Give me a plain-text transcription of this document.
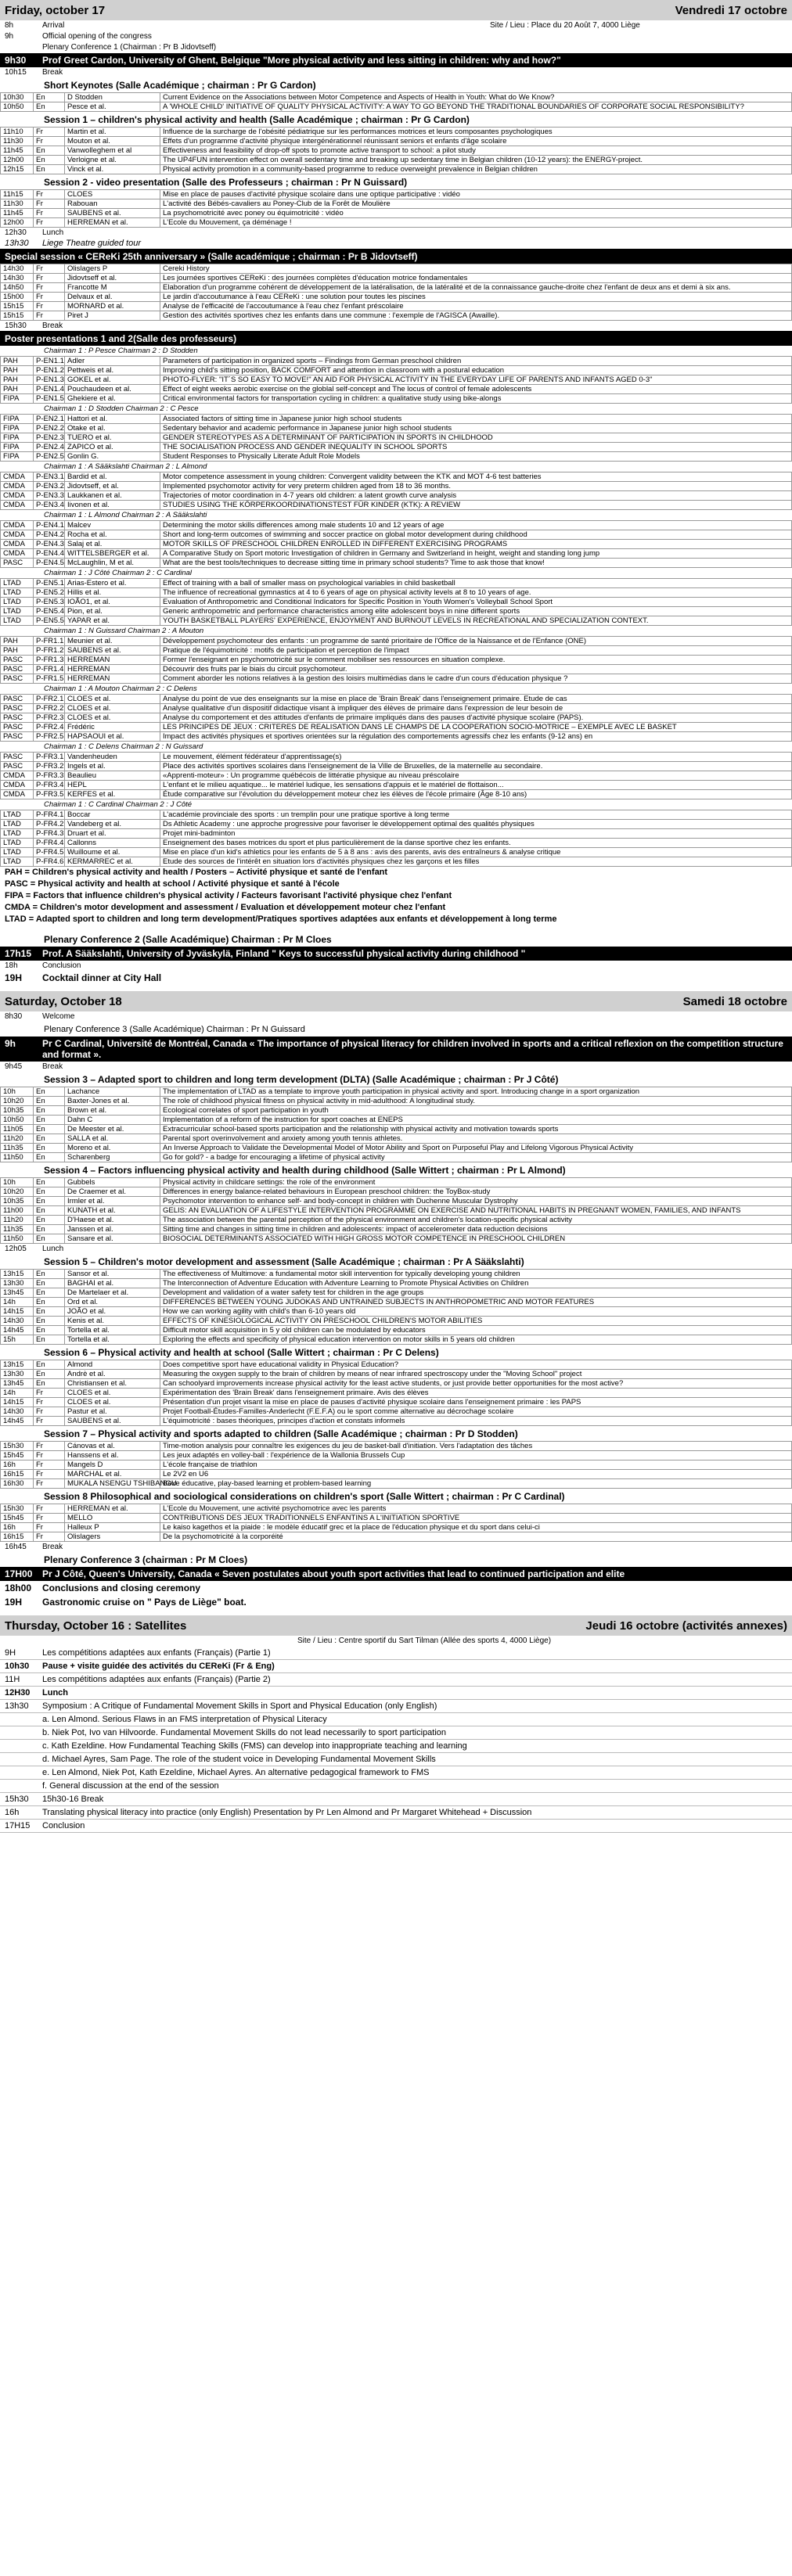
Friday, october 17	Vendredi 17 octobre
8h	Arrival	Site / Lieu : Place du 20 Août 7, 4000 Liège
9h	Official opening of the congress
Plenary Conference 1 (Chairman : Pr B Jidovtseff)
9h30	Prof Greet Cardon, University of Ghent, Belgique "More physical activity and less sitting in children: why and how?"
10h15	Break
Short Keynotes (Salle Académique ; chairman : Pr G Cardon)
10h30	En	D Stodden	Current Evidence on the Associations between Motor Competence and Aspects of Health in Youth: What do We Know?
10h50	En	Pesce et al.	A 'WHOLE CHILD' INITIATIVE OF QUALITY PHYSICAL ACTIVITY: A WAY TO GO BEYOND THE TRADITIONAL BOUNDARIES OF CORPORATE SOCIAL RESPONSIBILITY?
Session 1 – children's physical activity and health (Salle Académique ; chairman : Pr G Cardon)
11h10	Fr	Martin et al.	Influence de la surcharge de l'obésité pédiatrique sur les performances motrices et leurs composantes psychologiques
11h30	Fr	Mouton et al.	Effets d'un programme d'activité physique intergénérationnel réunissant seniors et enfants d'âge scolaire
11h45	En	Vanwolleghem et al	Effectiveness and feasibility of drop-off spots to promote active transport to school: a pilot study
12h00	En	Verloigne et al.	The UP4FUN intervention effect on overall sedentary time and breaking up sedentary time in Belgian children (10-12 years): the ENERGY-project.
12h15	En	Vinck et al.	Physical activity promotion in a community-based programme to reduce overweight prevalence in Belgian children
Session 2 - video presentation (Salle des Professeurs ; chairman : Pr N Guissard)
11h15	Fr	CLOES	Mise en place de pauses d'activité physique scolaire dans une optique participative : vidéo
11h30	Fr	Rabouan	L'activité des Bébés-cavaliers au Poney-Club de la Forêt de Moulière
11h45	Fr	SAUBENS et al.	La psychomotricité avec poney ou équimotricité : vidéo
12h00	Fr	HERREMAN et al.	L'Ecole du Mouvement, ça déménage !
12h30	Lunch
13h30	Liege Theatre guided tour
Special session « CEReKi 25th anniversary » (Salle académique ; chairman : Pr B Jidovtseff)
14h30	Fr	Olislagers P	Cereki History
14h30	Fr	Jidovtseff et al.	Les journées sportives CEReKi : des journées complètes d'éducation motrice fondamentales
14h50	Fr	Francotte M	Elaboration d'un programme cohérent de développement de la latéralisation, de la latéralité et de la connaissance gauche-droite chez l'enfant de deux ans et demi à six ans.
15h00	Fr	Delvaux et al.	Le jardin d'accoutumance à l'eau CEReKi : une solution pour toutes les piscines
15h15	Fr	MORNARD et al.	Analyse de l'efficacité de l'accoutumance à l'eau chez l'enfant préscolaire
15h15	Fr	Piret J	Gestion des activités sportives chez les enfants dans une commune : l'exemple de l'AGISCA (Awaille).
15h30	Break
Poster presentations 1 and 2(Salle des professeurs)
Chairman 1 : P Pesce Chairman 2 : D Stodden
PAH	P-EN1.1	Adler	Parameters of participation in organized sports – Findings from German preschool children
PAH	P-EN1.2	Pettweis et al.	Improving child's sitting position, BACK COMFORT and attention in classroom with a postural education
PAH	P-EN1.3	GOKEL et al.	PHOTO-FLYER: "IT´S SO EASY TO MOVE!" AN AID FOR PHYSICAL ACTIVITY IN THE EVERYDAY LIFE OF PARENTS AND INFANTS AGED 0-3"
PAH	P-EN1.4	Pouchaudeen et al.	Effect of eight weeks aerobic exercise on the globlal self-concept and The locus of control of female adolescents
FIPA	P-EN1.5	Ghekiere et al.	Critical environmental factors for transportation cycling in children: a qualitative study using bike-alongs
Chairman 1 : D Stodden Chairman 2 : C Pesce
FIPA	P-EN2.1	Hattori et al.	Associated factors of sitting time in Japanese junior high school students
FIPA	P-EN2.2	Otake et al.	Sedentary behavior and academic performance in Japanese junior high school students
FIPA	P-EN2.3	TUERO et al.	GENDER STEREOTYPES AS A DETERMINANT OF PARTICIPATION IN SPORTS IN CHILDHOOD
FIPA	P-EN2.4	ZAPICO et al.	THE SOCIALISATION PROCESS AND GENDER INEQUALITY IN SCHOOL SPORTS
FIPA	P-EN2.5	Gonlin G.	Student Responses to Physically Literate Adult Role Models
Chairman 1 : A Sääkslahti Chairman 2 : L Almond
CMDA	P-EN3.1	Bardid et al.	Motor competence assessment in young children: Convergent validity between the KTK and MOT 4-6 test batteries
CMDA	P-EN3.2	Jidovtseff, et al.	Implemented psychomotor activity for very preterm children aged from 18 to 36 months.
CMDA	P-EN3.3	Laukkanen et al.	Trajectories of motor coordination in 4-7 years old children: a latent growth curve analysis
CMDA	P-EN3.4	Iivonen et al.	STUDIES USING THE KÖRPERKOORDINATIONSTEST FÜR KINDER (KTK): A REVIEW
Chairman 1 : L Almond Chairman 2 : A Sääkslahti
CMDA	P-EN4.1	Malcev	Determining the motor skills differences among male students 10 and 12 years of age
CMDA	P-EN4.2	Rocha et al.	Short and long-term outcomes of swimming and soccer practice on global motor development during childhood
CMDA	P-EN4.3	Salaj et al.	MOTOR SKILLS OF PRESCHOOL CHILDREN ENROLLED IN DIFFERENT EXERCISING PROGRAMS
CMDA	P-EN4.4	WITTELSBERGER et al.	A Comparative Study on Sport motoric Investigation of children in Germany and Switzerland in height, weight and standing long jump
PASC	P-EN4.5	McLaughlin, M et al.	What are the best tools/techniques to decrease sitting time in primary school students? Time to ask those that know!
Chairman 1 : J Côté Chairman 2 : C Cardinal
LTAD	P-EN5.1	Arias-Estero et al.	Effect of training with a ball of smaller mass on psychological variables in child basketball
LTAD	P-EN5.2	Hillis et al.	The influence of recreational gymnastics at 4 to 6 years of age on physical activity levels at 8 to 10 years of age.
LTAD	P-EN5.3	IOÃO1, et al.	Evaluation of Anthropometric and Conditional Indicators for Specific Position in Youth Women's Volleyball School Sport
LTAD	P-EN5.4	Pion, et al.	Generic anthropometric and performance characteristics among elite adolescent boys in nine different sports
LTAD	P-EN5.5	YAPAR et al.	YOUTH BASKETBALL PLAYERS' EXPERIENCE, ENJOYMENT AND BURNOUT LEVELS IN RECREATIONAL AND SPECIALIZATION CONTEXT.
Chairman 1 : N Guissard Chairman 2 : A Mouton
PAH	P-FR1.1	Meunier et al.	Développement psychomoteur des enfants : un programme de santé prioritaire de l'Office de la Naissance et de l'Enfance (ONE)
PAH	P-FR1.2	SAUBENS et al.	Pratique de l'équimotricité : motifs de participation et perception de l'impact
PASC	P-FR1.3	HERREMAN	Former l'enseignant en psychomotricité sur le comment mobiliser ses ressources en situation complexe.
PASC	P-FR1.4	HERREMAN	Découvrir des fruits par le biais du circuit psychomoteur.
PASC	P-FR1.5	HERREMAN	Comment aborder les notions relatives à la gestion des loisirs multimédias dans le cadre d'un cours d'éducation physique ?
Chairman 1 : A Mouton Chairman 2 : C Delens
PASC	P-FR2.1	CLOES et al.	Analyse du point de vue des enseignants sur la mise en place de 'Brain Break' dans l'enseignement primaire. Etude de cas
PASC	P-FR2.2	CLOES et al.	Analyse qualitative d'un dispositif didactique visant à impliquer des élèves de primaire dans l'expression de leur besoin de
PASC	P-FR2.3	CLOES et al.	Analyse du comportement et des attitudes d'enfants de primaire impliqués dans des pauses d'activité physique scolaire (PAPS).
PASC	P-FR2.4	Frédéric	LES PRINCIPES DE JEUX : CRITERES DE REALISATION DANS LE CHAMPS DE LA COOPERATION SOCIO-MOTRICE – EXEMPLE AVEC LE BASKET
PASC	P-FR2.5	HAPSAOUI et al.	Impact des activités physiques et sportives orientées sur la régulation des comportements agressifs chez les enfants (9-12 ans) en
Chairman 1 : C Delens Chairman 2 : N Guissard
PASC	P-FR3.1	Vandenheuden	Le mouvement, élément fédérateur d'apprentissage(s)
PASC	P-FR3.2	Ingels et al.	Place des activités sportives scolaires dans l'enseignement de la Ville de Bruxelles, de la maternelle au secondaire.
CMDA	P-FR3.3	Beaulieu	«Apprenti-moteur» : Un programme québécois de littératie physique au niveau préscolaire
CMDA	P-FR3.4	HEPL	L'enfant et le milieu aquatique... le matériel ludique, les sensations d'appuis et le matériel de flottaison...
CMDA	P-FR3.5	KERFES et al.	Étude comparative sur l'évolution du développement moteur chez les élèves de l'école primaire (Âge 8-10 ans)
Chairman 1 : C Cardinal Chairman 2 : J Côté
LTAD	P-FR4.1	Boccar	L'académie provinciale des sports : un tremplin pour une pratique sportive à long terme
LTAD	P-FR4.2	Vandeberg et al.	Ds Athletic Academy : une approche progressive pour favoriser le développement optimal des qualités physiques
LTAD	P-FR4.3	Druart et al.	Projet mini-badminton
LTAD	P-FR4.4	Callonns	Enseignement des bases motrices du sport et plus particulièrement de la danse sportive chez les enfants.
LTAD	P-FR4.5	Wuilloume et al.	Mise en place d'un kid's athletics pour les enfants de 5 à 8 ans : avis des parents, avis des entraîneurs & analyse critique
LTAD	P-FR4.6	KERMARREC et al.	Etude des sources de l'intérêt en situation lors d'activités physiques chez les garçons et les filles
PAH = Children's physical activity and health / Posters – Activité physique et santé de l'enfant
PASC = Physical activity and health at school / Activité physique et santé à l'école
FIPA = Factors that influence children's physical activity / Facteurs favorisant l'activité physique chez l'enfant
CMDA = Children's motor development and assessment / Evaluation et développement moteur chez l'enfant
LTAD = Adapted sport to children and long term development/Pratiques sportives adaptées aux enfants et développement à long terme
Plenary Conference 2 (Salle Académique) Chairman : Pr M Cloes
17h15	Prof. A Sääkslahti, University of Jyväskylä, Finland " Keys to successful physical activity during childhood "
18h	Conclusion
19H	Cocktail dinner at City Hall
Saturday, October 18	Samedi 18 octobre
8h30	Welcome
Plenary Conference 3 (Salle Académique) Chairman : Pr N Guissard
9h	Pr C Cardinal, Université de Montréal, Canada « The importance of physical literacy for children involved in sports and a critical reflexion on the competition structure and format ».
9h45	Break
Session 3 – Adapted sport to children and long term development (DLTA) (Salle Académique ; chairman : Pr J Côté)
10h	En	Lachance	The implementation of LTAD as a template to improve youth participation in physical activity and sport. Introducing change in a sport organization
10h20	En	Baxter-Jones et al.	The role of childhood physical fitness on physical activity in mid-adulthood: A longitudinal study.
10h35	En	Brown et al.	Ecological correlates of sport participation in youth
10h50	En	Dahn C	Implementation of a reform of the instruction for sport coaches at ENEPS
11h05	En	De Meester et al.	Extracurricular school-based sports participation and the relationship with physical activity and motivation towards sports
11h20	En	SALLA et al.	Parental sport overinvolvement and anxiety among youth tennis athletes.
11h35	En	Moreno et al.	An Inverse Approach to Validate the Developmental Model of Motor Ability and Sport on Purposeful Play and Lifelong Vigorous Physical Activity
11h50	En	Scharenberg	Go for gold? - a badge for encouraging a lifetime of physical activity
Session 4 – Factors influencing physical activity and health during childhood (Salle Wittert ; chairman : Pr L Almond)
10h	En	Gubbels	Physical activity in childcare settings: the role of the environment
10h20	En	De Craemer et al.	Differences in energy balance-related behaviours in European preschool children: the ToyBox-study
10h35	En	Irmler et al.	Psychomotor intervention to enhance self- and body-concept in children with Duchenne Muscular Dystrophy
11h00	En	KUNATH et al.	GELIS: AN EVALUATION OF A LIFESTYLE INTERVENTION PROGRAMME ON EXERCISE AND NUTRITIONAL HABITS IN PREGNANT WOMEN, FAMILIES, AND INFANTS
11h20	En	D'Haese et al.	The association between the parental perception of the physical environment and children's location-specific physical activity
11h35	En	Janssen et al.	Sitting time and changes in sitting time in children and adolescents: impact of accelerometer data reduction decisions
11h50	En	Sansare et al.	BIOSOCIAL DETERMINANTS ASSOCIATED WITH HIGH GROSS MOTOR COMPETENCE IN PRESCHOOL CHILDREN
12h05	Lunch
Session 5 – Children's motor development and assessment (Salle Académique ; chairman : Pr A Sääkslahti)
13h15	En	Sansor et al.	The effectiveness of Multimove: a fundamental motor skill intervention for typically developing young children
13h30	En	BAGHAI et al.	The Interconnection of Adventure Education with Adventure Learning to Promote Physical Activities on Children
13h45	En	De Martelaer et al.	Development and validation of a water safety test for children in the age groups
14h	En	Ord et al.	DIFFERENCES BETWEEN YOUNG JUDOKAS AND UNTRAINED SUBJECTS IN ANTHROPOMETRIC AND MOTOR FEATURES
14h15	En	JOÃO et al.	How we can working agility with child's than 6-10 years old
14h30	En	Kenis et al.	EFFECTS OF KINESIOLOGICAL ACTIVITY ON PRESCHOOL CHILDREN'S MOTOR ABILITIES
14h45	En	Tortella et al.	Difficult motor skill acquisition in 5 y old children can be modulated by educators
15h	En	Tortella et al.	Exploring the effects and specificity of physical education intervention on motor skills in 5 years old children
Session 6 – Physical activity and health at school (Salle Wittert ; chairman : Pr C Delens)
13h15	En	Almond	Does competitive sport have educational validity in Physical Education?
13h30	En	Andrè et al.	Measuring the oxygen supply to the brain of children by means of near infrared spectroscopy under the "Moving School" project
13h45	En	Christiansen et al.	Can schoolyard improvements increase physical activity for the least active students, or just provide better opportunities for the most active?
14h	Fr	CLOES et al.	Expérimentation des 'Brain Break' dans l'enseignement primaire. Avis des élèves
14h15	Fr	CLOES et al.	Présentation d'un projet visant la mise en place de pauses d'activité physique scolaire dans l'enseignement primaire : les PAPS
14h30	Fr	Pastur et al.	Projet Football-Études-Familles-Anderlecht (F.E.F.A) ou le sport comme alternative au décrochage scolaire
14h45	Fr	SAUBENS et al.	L'équimotricité : bases théoriques, principes d'action et constats informels
Session 7 – Physical activity and sports adapted to children (Salle Académique ; chairman : Pr D Stodden)
15h30	Fr	Cánovas et al.	Time-motion analysis pour connaître les exigences du jeu de basket-ball d'initiation. Vers l'adaptation des tâches
15h45	Fr	Hanssens et al.	Les jeux adaptés en volley-ball : l'expérience de la Wallonia Brussels Cup
16h	Fr	Mangels D	L'école française de triathlon
16h15	Fr	MARCHAL et al.	Le 2V2 en U6
16h30	Fr	MUKALA NSENGU TSHIBANGU	Boxe éducative, play-based learning et problem-based learning
Session 8 Philosophical and sociological considerations on children's sport (Salle Wittert ; chairman : Pr C Cardinal)
15h30	Fr	HERREMAN et al.	L'Ecole du Mouvement, une activité psychomotrice avec les parents
15h45	Fr	MELLO	CONTRIBUTIONS DES JEUX TRADITIONNELS ENFANTINS A L'INITIATION SPORTIVE
16h	Fr	Halleux P	Le kaiso kagethos et la piaide : le modèle éducatif grec et la place de l'éducation physique et du sport dans celui-ci
16h15	Fr	Olislagers	De la psychomotricité à la corporéité
16h45	Break
Plenary Conference 3 (chairman : Pr M Cloes)
17H00	Pr J Côté, Queen's University, Canada « Seven postulates about youth sport activities that lead to continued participation and elite
18h00	Conclusions and closing ceremony
19H	Gastronomic cruise on " Pays de Liège" boat.
Thursday, October 16 : Satellites	Jeudi 16 octobre (activités annexes)
Site / Lieu : Centre sportif du Sart Tilman (Allée des sports 4, 4000 Liège)
9H	Les compétitions adaptées aux enfants (Français) (Partie 1)
10h30	Pause + visite guidée des activités du CEReKi (Fr & Eng)
11H	Les compétitions adaptées aux enfants (Français) (Partie 2)
12H30	Lunch
13h30	Symposium : A Critique of Fundamental Movement Skills in Sport and Physical Education (only English)
a. Len Almond. Serious Flaws in an FMS interpretation of Physical Literacy
b. Niek Pot, Ivo van Hilvoorde. Fundamental Movement Skills do not lead necessarily to sport participation
c. Kath Ezeldine. How Fundamental Teaching Skills (FMS) can develop into inappropriate teaching and learning
d. Michael Ayres, Sam Page. The role of the student voice in Developing Fundamental Movement Skills
e. Len Almond, Niek Pot, Kath Ezeldine, Michael Ayres. An alternative pedagogical framework to FMS
f. General discussion at the end of the session
15h30	15h30-16 Break
16h	Translating physical literacy into practice (only English) Presentation by Pr Len Almond and Pr Margaret Whitehead + Discussion
17H15	Conclusion
